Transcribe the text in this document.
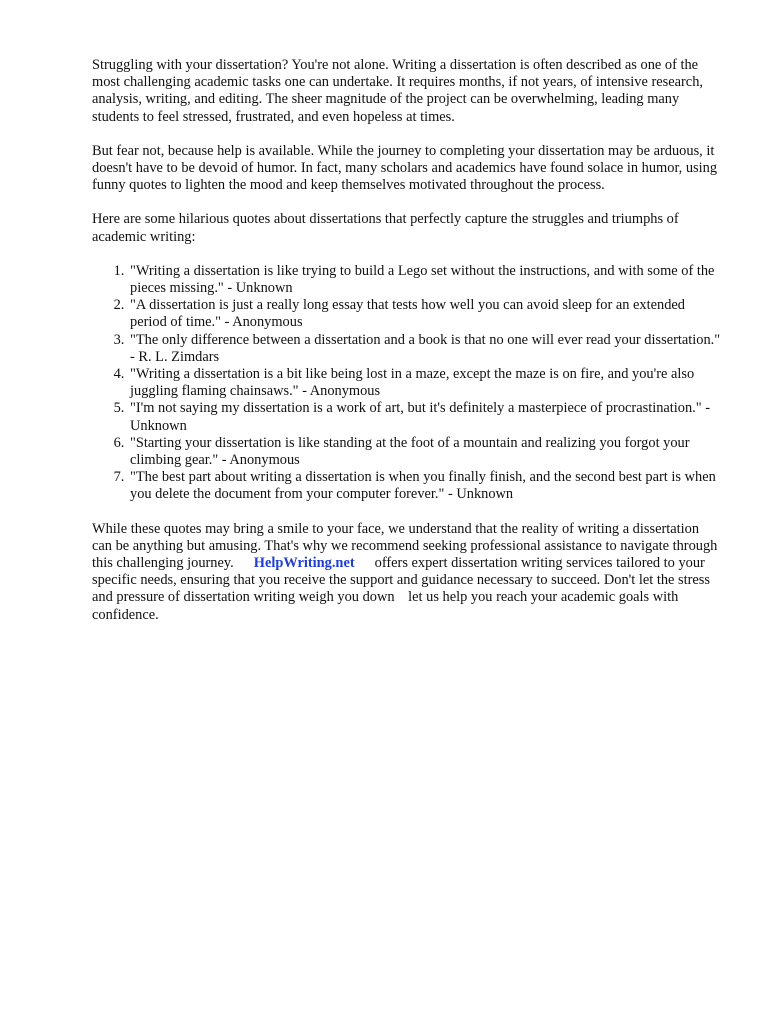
Struggling with your dissertation? You're not alone. Writing a dissertation is often described as one of the most challenging academic tasks one can undertake. It requires months, if not years, of intensive research, analysis, writing, and editing. The sheer magnitude of the project can be overwhelming, leading many students to feel stressed, frustrated, and even hopeless at times.

But fear not, because help is available. While the journey to completing your dissertation may be arduous, it doesn't have to be devoid of humor. In fact, many scholars and academics have found solace in humor, using funny quotes to lighten the mood and keep themselves motivated throughout the process.

Here are some hilarious quotes about dissertations that perfectly capture the struggles and triumphs of academic writing:

1. "Writing a dissertation is like trying to build a Lego set without the instructions, and with some of the pieces missing." - Unknown
2. "A dissertation is just a really long essay that tests how well you can avoid sleep for an extended period of time." - Anonymous
3. "The only difference between a dissertation and a book is that no one will ever read your dissertation." - R. L. Zimdars
4. "Writing a dissertation is a bit like being lost in a maze, except the maze is on fire, and you're also juggling flaming chainsaws." - Anonymous
5. "I'm not saying my dissertation is a work of art, but it's definitely a masterpiece of procrastination." - Unknown
6. "Starting your dissertation is like standing at the foot of a mountain and realizing you forgot your climbing gear." - Anonymous
7. "The best part about writing a dissertation is when you finally finish, and the second best part is when you delete the document from your computer forever." - Unknown

While these quotes may bring a smile to your face, we understand that the reality of writing a dissertation can be anything but amusing. That's why we recommend seeking professional assistance to navigate through this challenging journey. HelpWriting.net offers expert dissertation writing services tailored to your specific needs, ensuring that you receive the support and guidance necessary to succeed. Don't let the stress and pressure of dissertation writing weigh you down let us help you reach your academic goals with confidence.
